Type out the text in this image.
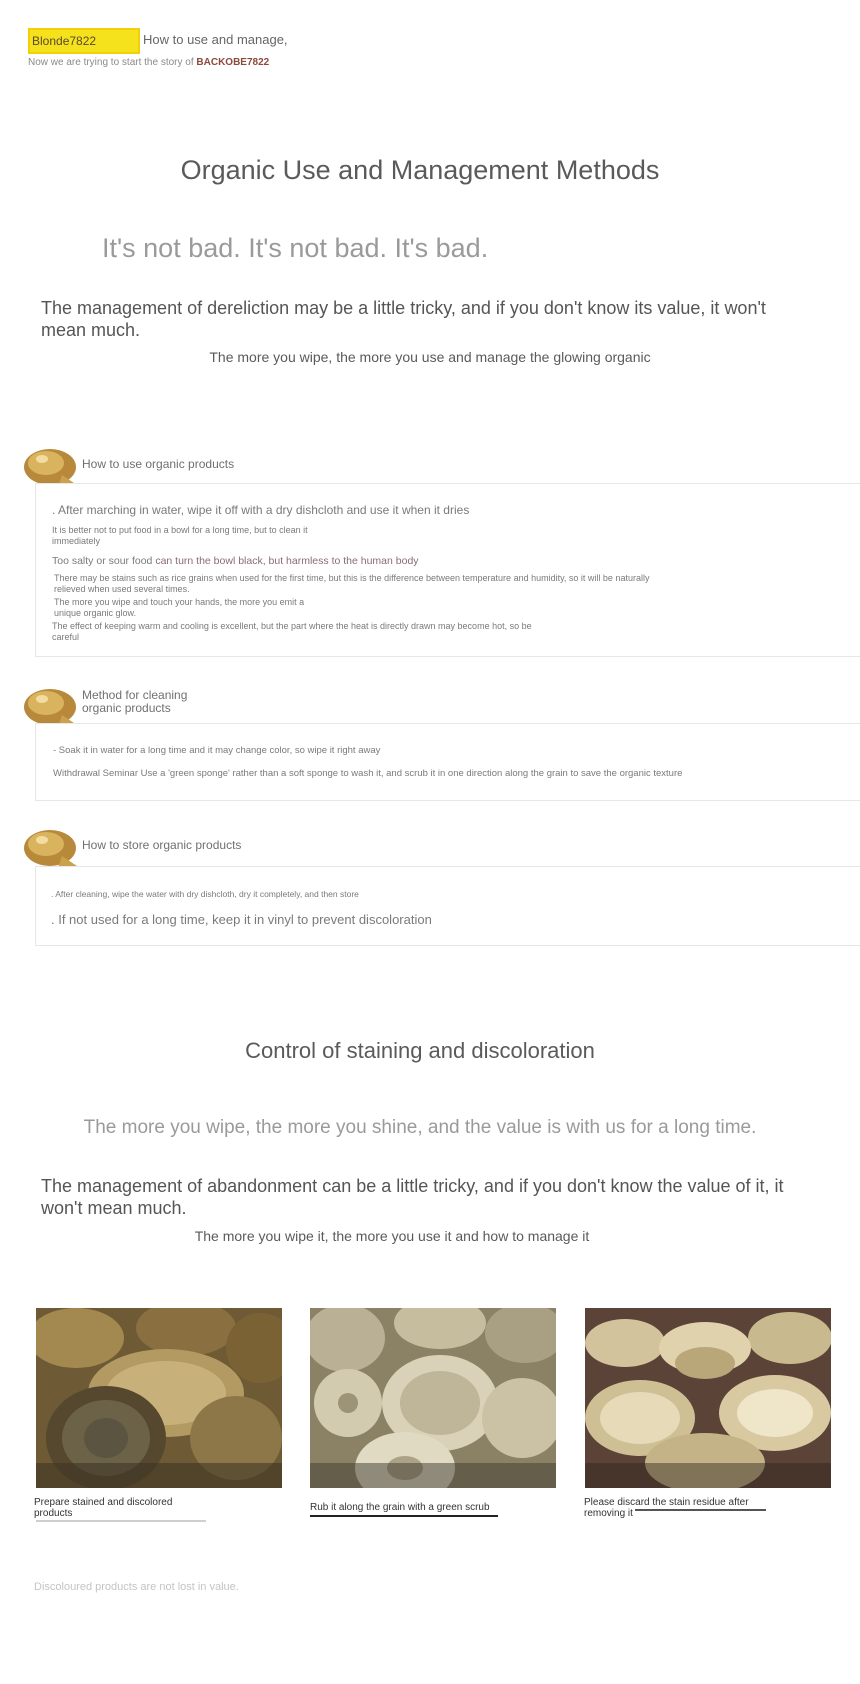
Blonde7822	How to use and manage,
Now we are trying to start the story of BACKOBE7822
Organic Use and Management Methods
It's not bad. It's not bad. It's bad.
The management of dereliction may be a little tricky, and if you don't know its value, it won't mean much.
The more you wipe, the more you use and manage the glowing organic
How to use organic products
. After marching in water, wipe it off with a dry dishcloth and use it when it dries
It is better not to put food in a bowl for a long time, but to clean it immediately
Too salty or sour food can turn the bowl black, but harmless to the human body
There may be stains such as rice grains when used for the first time, but this is the difference between temperature and humidity, so it will be naturally relieved when used several times.
The more you wipe and touch your hands, the more you emit a unique organic glow.
The effect of keeping warm and cooling is excellent, but the part where the heat is directly drawn may become hot, so be careful
Method for cleaning organic products
- Soak it in water for a long time and it may change color, so wipe it right away
Withdrawal Seminar Use a 'green sponge' rather than a soft sponge to wash it, and scrub it in one direction along the grain to save the organic texture
How to store organic products
. After cleaning, wipe the water with dry dishcloth, dry it completely, and then store
. If not used for a long time, keep it in vinyl to prevent discoloration
Control of staining and discoloration
The more you wipe, the more you shine, and the value is with us for a long time.
The management of abandonment can be a little tricky, and if you don't know the value of it, it won't mean much.
The more you wipe it, the more you use it and how to manage it
Prepare stained and discolored products
Rub it along the grain with a green scrub	Please discard the stain residue after removing it
Discoloured products are not lost in value.
